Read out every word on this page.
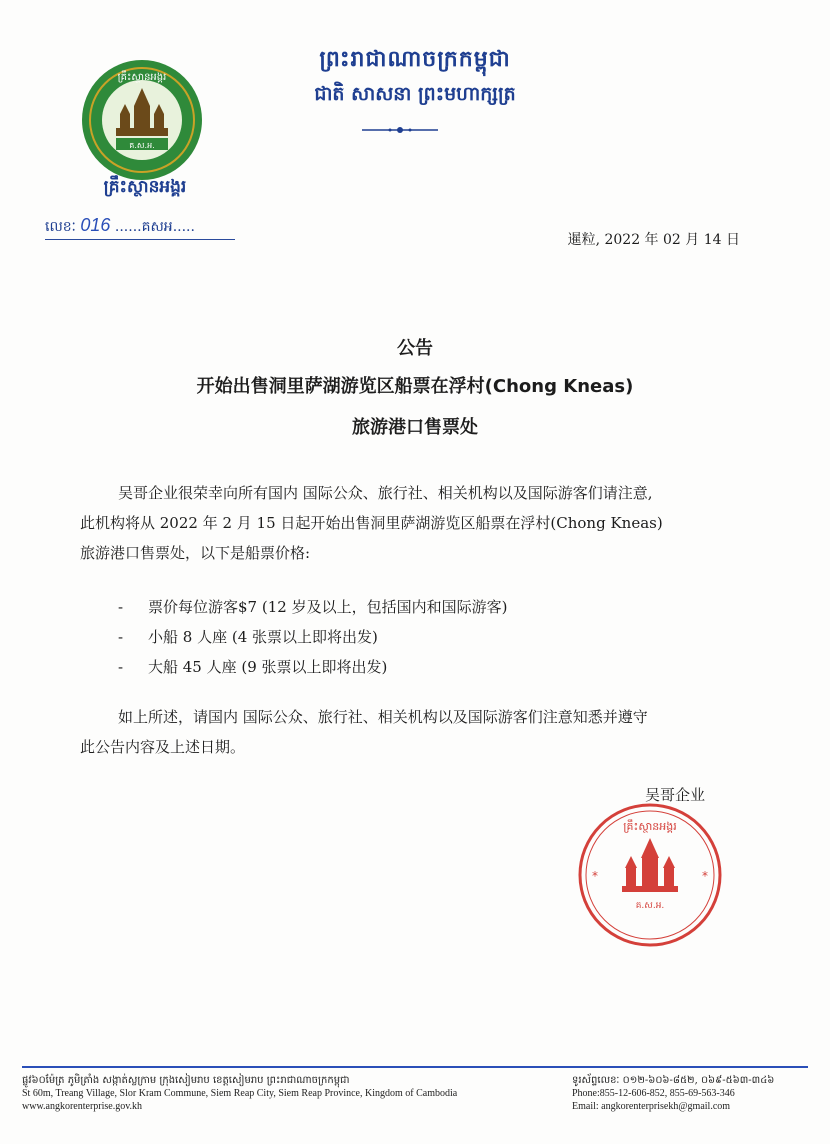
ព្រះរាជាណាចក្រកម្ពុជា
ជាតិ សាសនា ព្រះមហាក្សត្រ
គ.ស.អ.
គ្រឹះស្ថានអង្គរ
គ្រឹះស្ថានអង្គរ
លេខៈ 016 ......គសអ.....
暹粒, 2022 年 02 月 14 日
公告
开始出售洞里萨湖游览区船票在浮村(Chong Kneas)
旅游港口售票处
吴哥企业很荣幸向所有国内 国际公众、旅行社、相关机构以及国际游客们请注意,
此机构将从 2022 年 2 月 15 日起开始出售洞里萨湖游览区船票在浮村(Chong Kneas)
旅游港口售票处，以下是船票价格:
- 票价每位游客$7 (12 岁及以上，包括国内和国际游客)
- 小船 8 人座 (4 张票以上即将出发)
- 大船 45 人座 (9 张票以上即将出发)
如上所述，请国内 国际公众、旅行社、相关机构以及国际游客们注意知悉并遵守
此公告内容及上述日期。
吴哥企业
គ្រឹះស្ថានអង្គរ
គ.ស.អ.
*	*
ផ្លូវ៦០ម៉ែត្រ ភូមិត្រាំង សង្កាត់ស្លក្រាម ក្រុងសៀមរាប ខេត្តសៀមរាប ព្រះរាជាណាចក្រកម្ពុជា
St 60m, Treang Village, Slor Kram Commune, Siem Reap City, Siem Reap Province, Kingdom of Cambodia
www.angkorenterprise.gov.kh
ទូរស័ព្ទលេខៈ ០១២-៦០៦-៨៥២, ០៦៩-៥៦៣-៣៤៦
Phone:855-12-606-852, 855-69-563-346
Email: angkorenterprisekh@gmail.com
